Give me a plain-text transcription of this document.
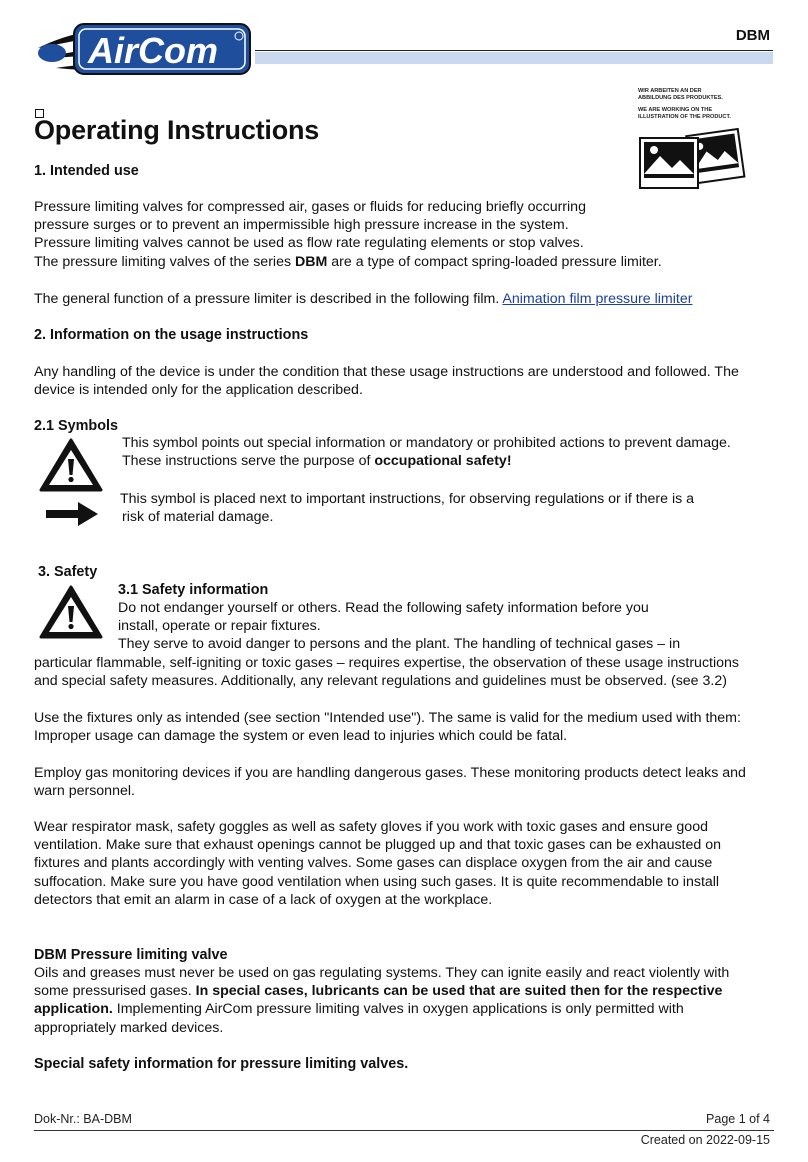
AirCom	DBM
WIR ARBEITEN AN DER
ABBILDUNG DES PRODUKTES.
WE ARE WORKING ON THE
ILLUSTRATION OF THE PRODUCT.
Operating Instructions
1. Intended use
Pressure limiting valves for compressed air, gases or fluids for reducing briefly occurring
pressure surges or to prevent an impermissible high pressure increase in the system.
Pressure limiting valves cannot be used as flow rate regulating elements or stop valves.
The pressure limiting valves of the series DBM are a type of compact spring-loaded pressure limiter.
The general function of a pressure limiter is described in the following film. Animation film pressure limiter
2. Information on the usage instructions
Any handling of the device is under the condition that these usage instructions are understood and followed. The
device is intended only for the application described.
2.1 Symbols
This symbol points out special information or mandatory or prohibited actions to prevent damage.
These instructions serve the purpose of occupational safety!
This symbol is placed next to important instructions, for observing regulations or if there is a
risk of material damage.
3. Safety
3.1 Safety information
Do not endanger yourself or others. Read the following safety information before you
install, operate or repair fixtures.
They serve to avoid danger to persons and the plant. The handling of technical gases – in
particular flammable, self-igniting or toxic gases – requires expertise, the observation of these usage instructions
and special safety measures. Additionally, any relevant regulations and guidelines must be observed. (see 3.2)
Use the fixtures only as intended (see section "Intended use"). The same is valid for the medium used with them:
Improper usage can damage the system or even lead to injuries which could be fatal.
Employ gas monitoring devices if you are handling dangerous gases. These monitoring products detect leaks and
warn personnel.
Wear respirator mask, safety goggles as well as safety gloves if you work with toxic gases and ensure good
ventilation. Make sure that exhaust openings cannot be plugged up and that toxic gases can be exhausted on
fixtures and plants accordingly with venting valves. Some gases can displace oxygen from the air and cause
suffocation. Make sure you have good ventilation when using such gases. It is quite recommendable to install
detectors that emit an alarm in case of a lack of oxygen at the workplace.
DBM Pressure limiting valve
Oils and greases must never be used on gas regulating systems. They can ignite easily and react violently with
some pressurised gases. In special cases, lubricants can be used that are suited then for the respective
application. Implementing AirCom pressure limiting valves in oxygen applications is only permitted with
appropriately marked devices.
Special safety information for pressure limiting valves.
Dok-Nr.: BA-DBM	Page 1 of 4
Created on 2022-09-15
